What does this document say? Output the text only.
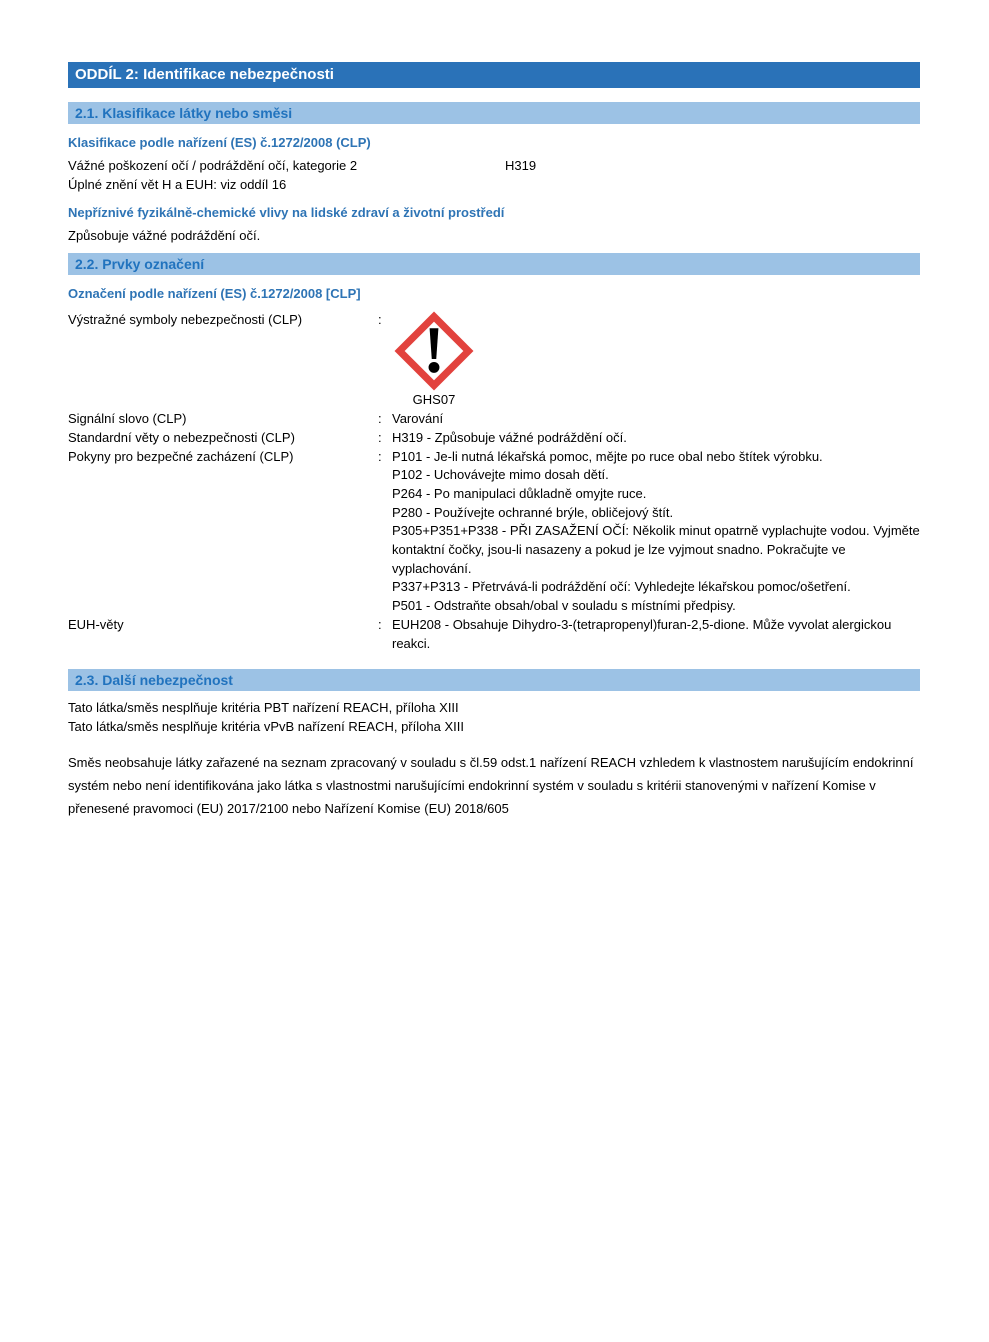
ODDÍL 2: Identifikace nebezpečnosti
2.1. Klasifikace látky nebo směsi
Klasifikace podle nařízení (ES) č.1272/2008 (CLP)
Vážné poškození očí / podráždění očí, kategorie 2	H319
Úplné znění vět H a EUH: viz oddíl 16
Nepříznivé fyzikálně-chemické vlivy na lidské zdraví a životní prostředí
Způsobuje vážné podráždění očí.
2.2. Prvky označení
Označení podle nařízení (ES) č.1272/2008 [CLP]
Výstražné symboly nebezpečnosti (CLP)	:
GHS07
Signální slovo (CLP)	: Varování
Standardní věty o nebezpečnosti (CLP)	: H319 - Způsobuje vážné podráždění očí.
Pokyny pro bezpečné zacházení (CLP)	: P101 - Je-li nutná lékařská pomoc, mějte po ruce obal nebo štítek výrobku.
P102 - Uchovávejte mimo dosah dětí.
P264 - Po manipulaci důkladně omyjte ruce.
P280 - Používejte ochranné brýle, obličejový štít.
P305+P351+P338 - PŘI ZASAŽENÍ OČÍ: Několik minut opatrně vyplachujte vodou. Vyjměte
kontaktní čočky, jsou-li nasazeny a pokud je lze vyjmout snadno. Pokračujte ve
vyplachování.
P337+P313 - Přetrvává-li podráždění očí: Vyhledejte lékařskou pomoc/ošetření.
P501 - Odstraňte obsah/obal v souladu s místními předpisy.
EUH-věty	: EUH208 - Obsahuje Dihydro-3-(tetrapropenyl)furan-2,5-dione. Může vyvolat alergickou
reakci.
2.3. Další nebezpečnost
Tato látka/směs nesplňuje kritéria PBT nařízení REACH, příloha XIII
Tato látka/směs nesplňuje kritéria vPvB nařízení REACH, příloha XIII
Směs neobsahuje látky zařazené na seznam zpracovaný v souladu s čl.59 odst.1 nařízení REACH vzhledem k vlastnostem narušujícím endokrinní
systém nebo není identifikována jako látka s vlastnostmi narušujícími endokrinní systém v souladu s kritérii stanovenými v nařízení Komise v
přenesené pravomoci (EU) 2017/2100 nebo Nařízení Komise (EU) 2018/605
